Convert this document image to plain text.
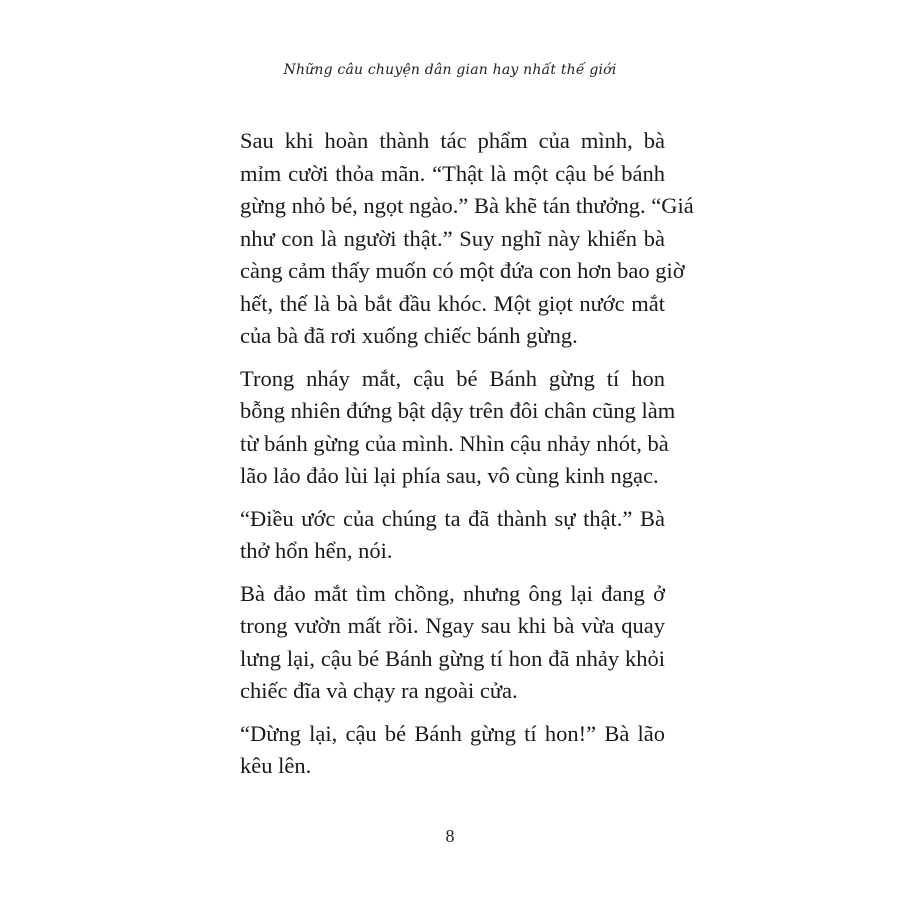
Những câu chuyện dân gian hay nhất thế giới

Sau khi hoàn thành tác phẩm của mình, bà
mỉm cười thỏa mãn. “Thật là một cậu bé bánh
gừng nhỏ bé, ngọt ngào.” Bà khẽ tán thưởng. “Giá
như con là người thật.” Suy nghĩ này khiến bà
càng cảm thấy muốn có một đứa con hơn bao giờ
hết, thế là bà bắt đầu khóc. Một giọt nước mắt
của bà đã rơi xuống chiếc bánh gừng.

Trong nháy mắt, cậu bé Bánh gừng tí hon
bỗng nhiên đứng bật dậy trên đôi chân cũng làm
từ bánh gừng của mình. Nhìn cậu nhảy nhót, bà
lão lảo đảo lùi lại phía sau, vô cùng kinh ngạc.

“Điều ước của chúng ta đã thành sự thật.” Bà
thở hổn hển, nói.

Bà đảo mắt tìm chồng, nhưng ông lại đang ở
trong vườn mất rồi. Ngay sau khi bà vừa quay
lưng lại, cậu bé Bánh gừng tí hon đã nhảy khỏi
chiếc đĩa và chạy ra ngoài cửa.

“Dừng lại, cậu bé Bánh gừng tí hon!” Bà lão
kêu lên.

8
